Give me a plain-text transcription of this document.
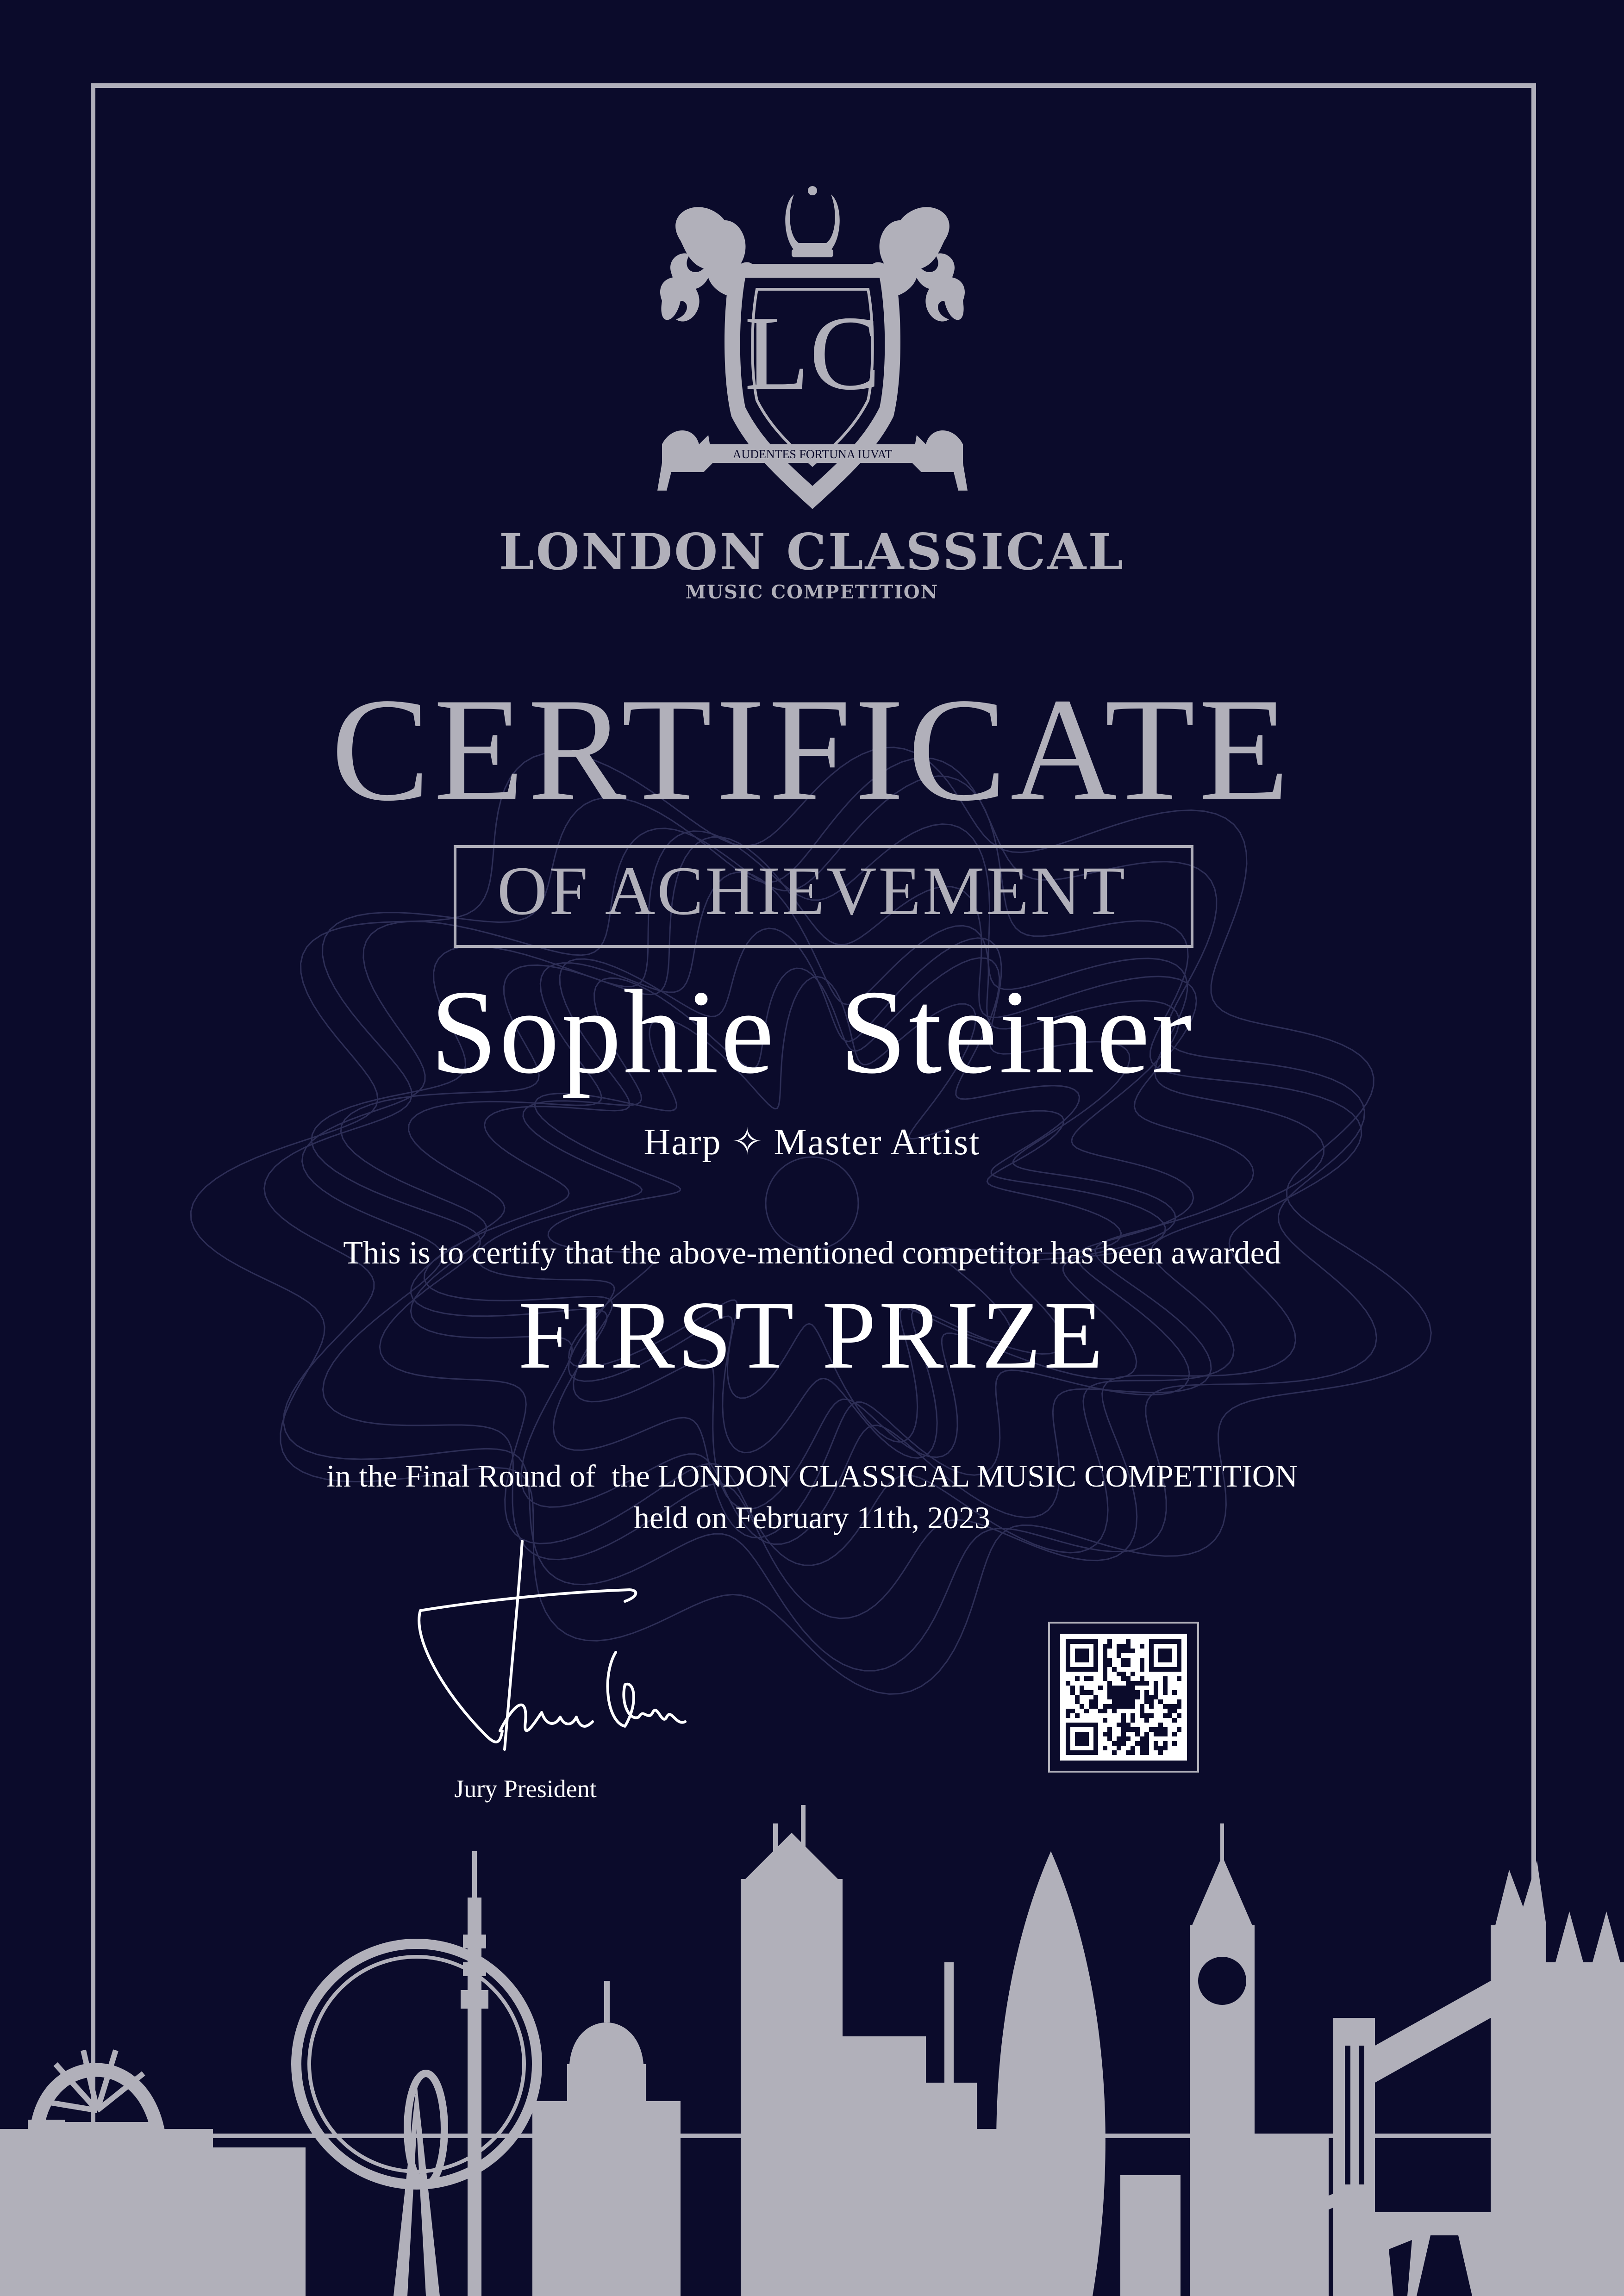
LC
AUDENTES FORTUNA IUVAT
LONDON CLASSICAL
MUSIC COMPETITION
CERTIFICATE
OF ACHIEVEMENT
Sophie  Steiner
Harp ✧ Master Artist
This is to certify that the above-mentioned competitor has been awarded
FIRST PRIZE
in the Final Round of  the LONDON CLASSICAL MUSIC COMPETITION
held on February 11th, 2023
Jury President
